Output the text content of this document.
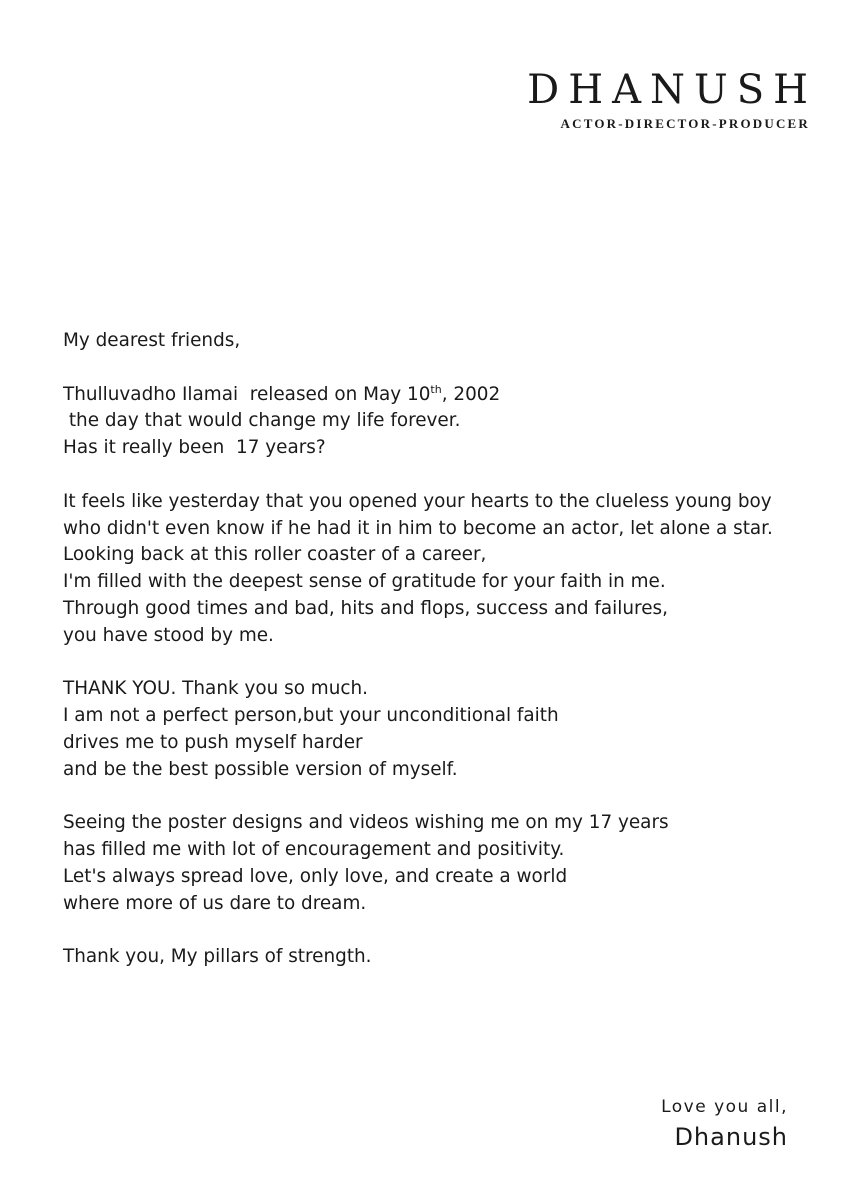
DHANUSH
ACTOR-DIRECTOR-PRODUCER

My dearest friends,

Thulluvadho Ilamai  released on May 10th, 2002
the day that would change my life forever.
Has it really been  17 years?

It feels like yesterday that you opened your hearts to the clueless young boy
who didn't even know if he had it in him to become an actor, let alone a star.
Looking back at this roller coaster of a career,
I'm filled with the deepest sense of gratitude for your faith in me.
Through good times and bad, hits and flops, success and failures,
you have stood by me.

THANK YOU. Thank you so much.
I am not a perfect person,but your unconditional faith
drives me to push myself harder
and be the best possible version of myself.

Seeing the poster designs and videos wishing me on my 17 years
has filled me with lot of encouragement and positivity.
Let's always spread love, only love, and create a world
where more of us dare to dream.

Thank you, My pillars of strength.

Love you all,
Dhanush
